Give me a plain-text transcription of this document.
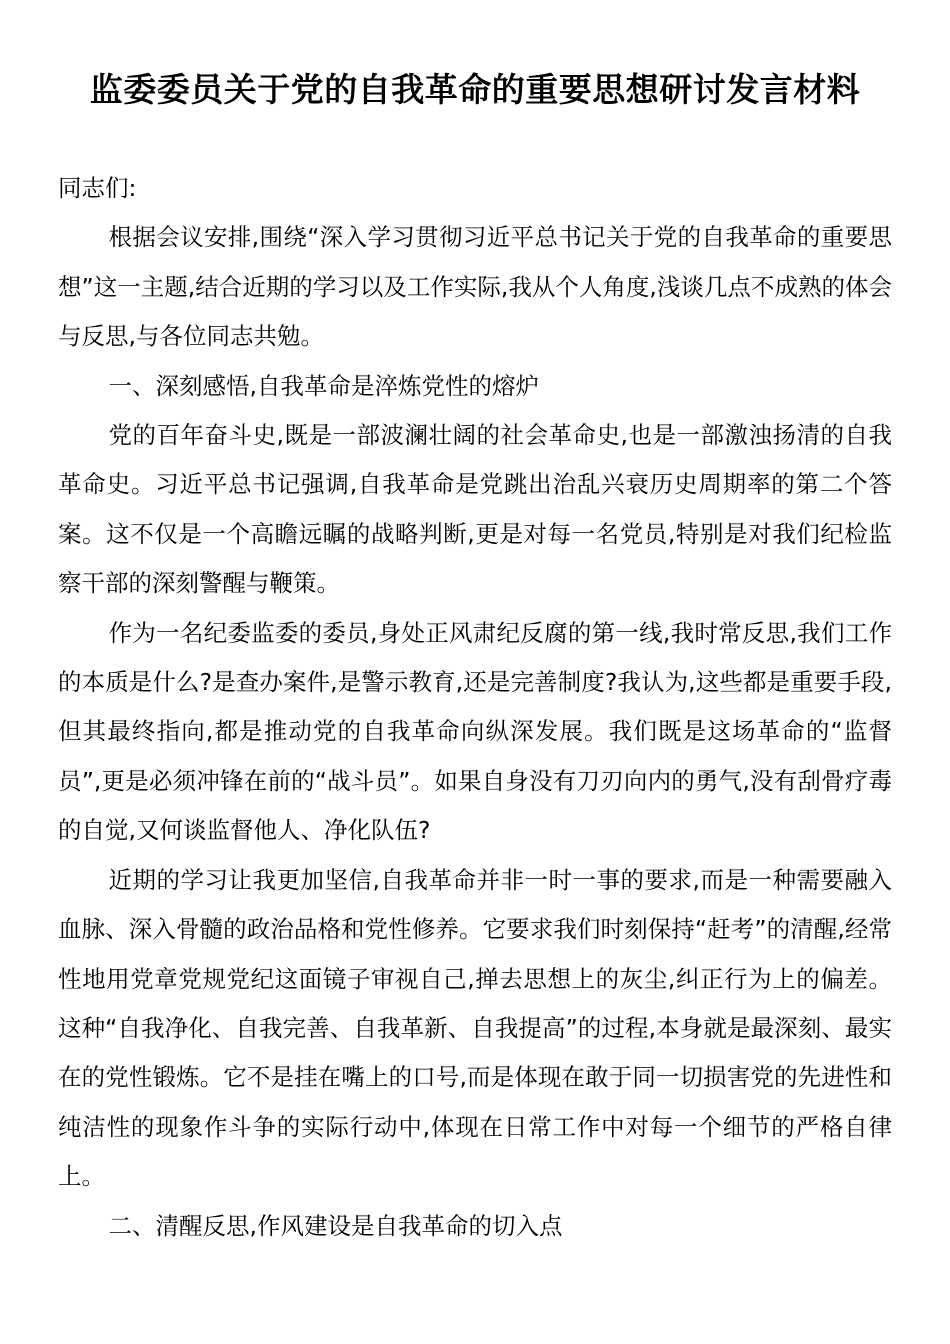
监委委员关于党的自我革命的重要思想研讨发言材料

同志们:

根据会议安排,围绕“深入学习贯彻习近平总书记关于党的自我革命的重要思想”这一主题,结合近期的学习以及工作实际,我从个人角度,浅谈几点不成熟的体会与反思,与各位同志共勉。

一、深刻感悟,自我革命是淬炼党性的熔炉

党的百年奋斗史,既是一部波澜壮阔的社会革命史,也是一部激浊扬清的自我革命史。习近平总书记强调,自我革命是党跳出治乱兴衰历史周期率的第二个答案。这不仅是一个高瞻远瞩的战略判断,更是对每一名党员,特别是对我们纪检监察干部的深刻警醒与鞭策。

作为一名纪委监委的委员,身处正风肃纪反腐的第一线,我时常反思,我们工作的本质是什么?是查办案件,是警示教育,还是完善制度?我认为,这些都是重要手段,但其最终指向,都是推动党的自我革命向纵深发展。我们既是这场革命的“监督员”,更是必须冲锋在前的“战斗员”。如果自身没有刀刃向内的勇气,没有刮骨疗毒的自觉,又何谈监督他人、净化队伍?

近期的学习让我更加坚信,自我革命并非一时一事的要求,而是一种需要融入血脉、深入骨髓的政治品格和党性修养。它要求我们时刻保持“赶考”的清醒,经常性地用党章党规党纪这面镜子审视自己,掸去思想上的灰尘,纠正行为上的偏差。这种“自我净化、自我完善、自我革新、自我提高”的过程,本身就是最深刻、最实在的党性锻炼。它不是挂在嘴上的口号,而是体现在敢于同一切损害党的先进性和纯洁性的现象作斗争的实际行动中,体现在日常工作中对每一个细节的严格自律上。

二、清醒反思,作风建设是自我革命的切入点
